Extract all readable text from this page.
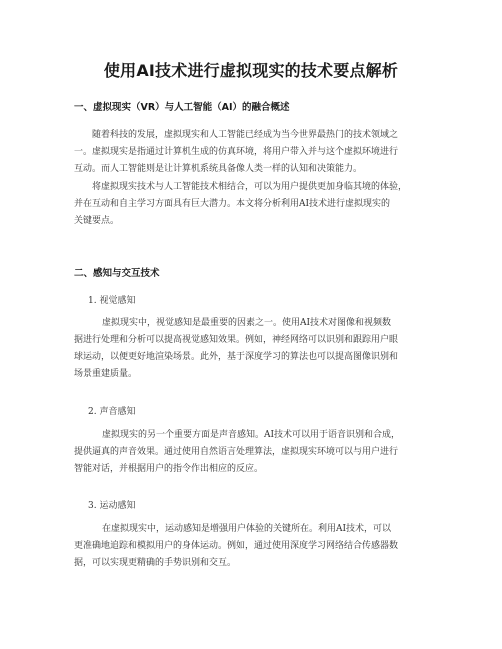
使用AI技术进行虚拟现实的技术要点解析
一、虚拟现实（VR）与人工智能（AI）的融合概述
随着科技的发展，虚拟现实和人工智能已经成为当今世界最热门的技术领域之
一。虚拟现实是指通过计算机生成的仿真环境，将用户带入并与这个虚拟环境进行
互动。而人工智能则是让计算机系统具备像人类一样的认知和决策能力。
将虚拟现实技术与人工智能技术相结合，可以为用户提供更加身临其境的体验，
并在互动和自主学习方面具有巨大潜力。本文将分析利用AI技术进行虚拟现实的
关键要点。
二、感知与交互技术
1. 视觉感知
虚拟现实中，视觉感知是最重要的因素之一。使用AI技术对图像和视频数
据进行处理和分析可以提高视觉感知效果。例如，神经网络可以识别和跟踪用户眼
球运动，以便更好地渲染场景。此外，基于深度学习的算法也可以提高图像识别和
场景重建质量。
2. 声音感知
虚拟现实的另一个重要方面是声音感知。AI技术可以用于语音识别和合成，
提供逼真的声音效果。通过使用自然语言处理算法，虚拟现实环境可以与用户进行
智能对话，并根据用户的指令作出相应的反应。
3. 运动感知
在虚拟现实中，运动感知是增强用户体验的关键所在。利用AI技术，可以
更准确地追踪和模拟用户的身体运动。例如，通过使用深度学习网络结合传感器数
据，可以实现更精确的手势识别和交互。
